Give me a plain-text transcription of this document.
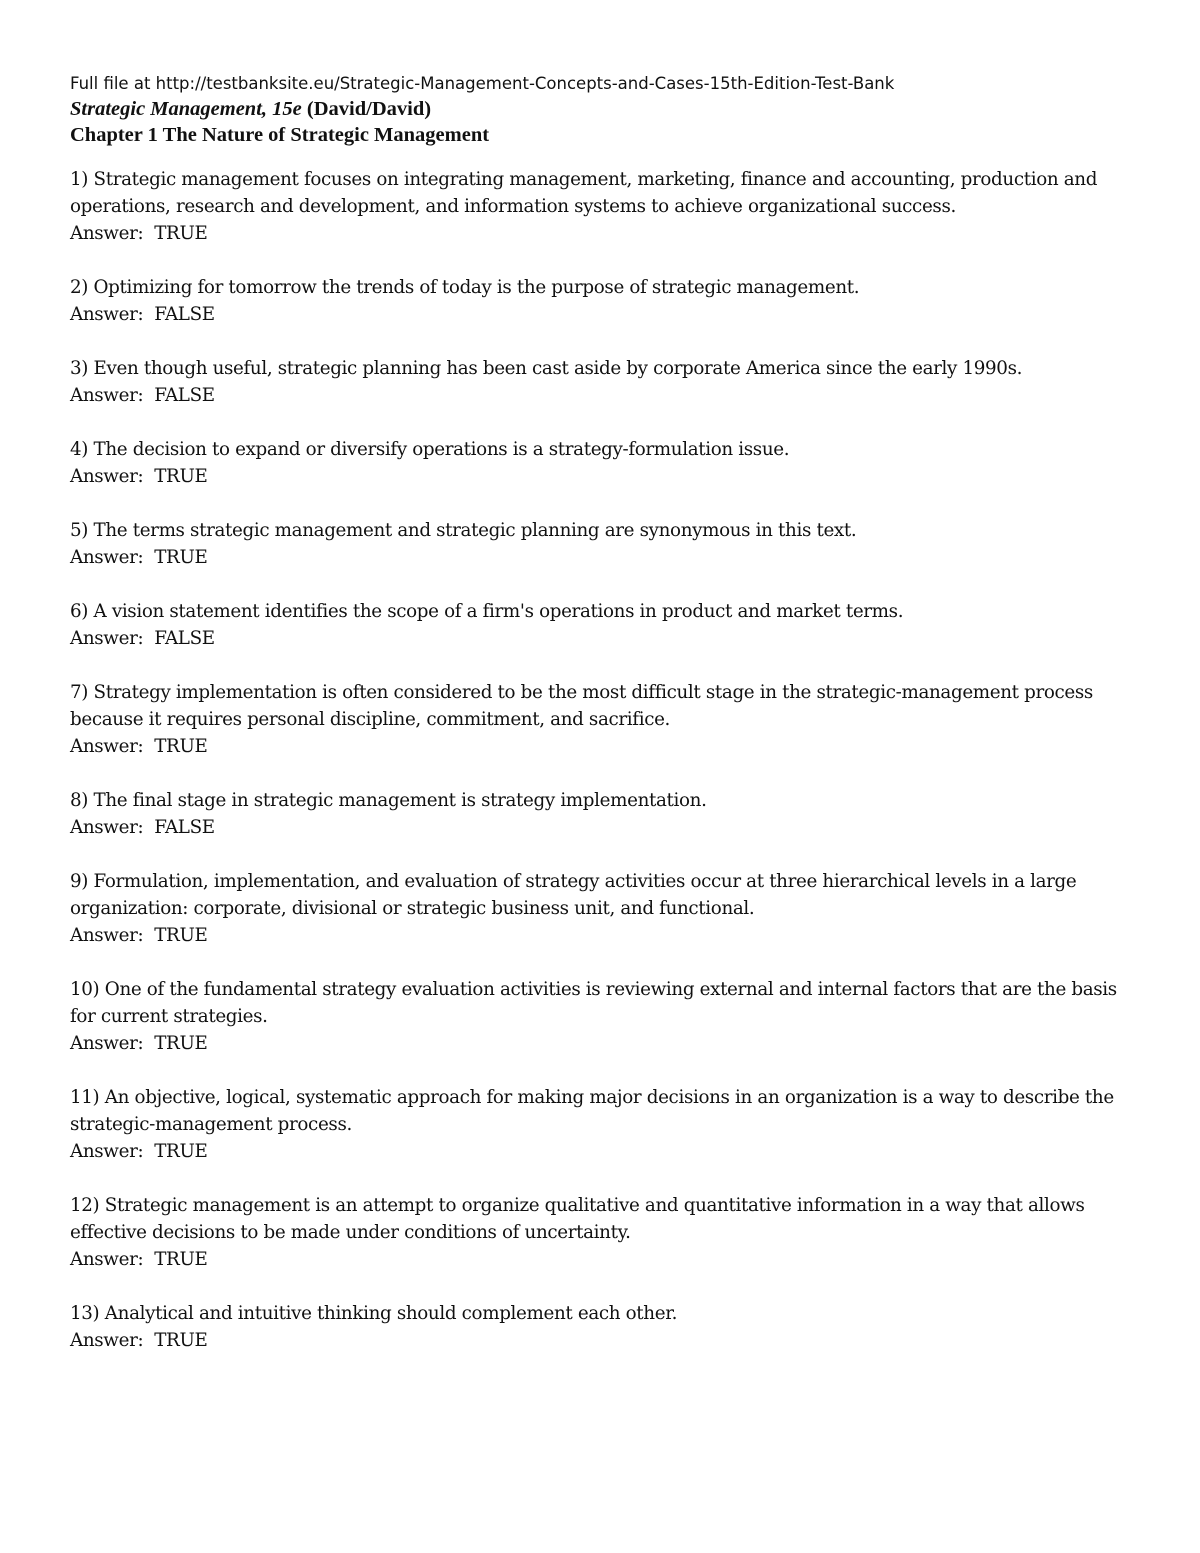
Full file at http://testbanksite.eu/Strategic-Management-Concepts-and-Cases-15th-Edition-Test-Bank

Strategic Management, 15e (David/David)

Chapter 1 The Nature of Strategic Management

1) Strategic management focuses on integrating management, marketing, finance and accounting, production and operations, research and development, and information systems to achieve organizational success.

Answer:  TRUE

2) Optimizing for tomorrow the trends of today is the purpose of strategic management.

Answer:  FALSE

3) Even though useful, strategic planning has been cast aside by corporate America since the early 1990s.

Answer:  FALSE

4) The decision to expand or diversify operations is a strategy-formulation issue.

Answer:  TRUE

5) The terms strategic management and strategic planning are synonymous in this text.

Answer:  TRUE

6) A vision statement identifies the scope of a firm's operations in product and market terms.

Answer:  FALSE

7) Strategy implementation is often considered to be the most difficult stage in the strategic-management process because it requires personal discipline, commitment, and sacrifice.

Answer:  TRUE

8) The final stage in strategic management is strategy implementation.

Answer:  FALSE

9) Formulation, implementation, and evaluation of strategy activities occur at three hierarchical levels in a large organization: corporate, divisional or strategic business unit, and functional.

Answer:  TRUE

10) One of the fundamental strategy evaluation activities is reviewing external and internal factors that are the basis for current strategies.

Answer:  TRUE

11) An objective, logical, systematic approach for making major decisions in an organization is a way to describe the strategic-management process.

Answer:  TRUE

12) Strategic management is an attempt to organize qualitative and quantitative information in a way that allows effective decisions to be made under conditions of uncertainty.

Answer:  TRUE

13) Analytical and intuitive thinking should complement each other.

Answer:  TRUE
